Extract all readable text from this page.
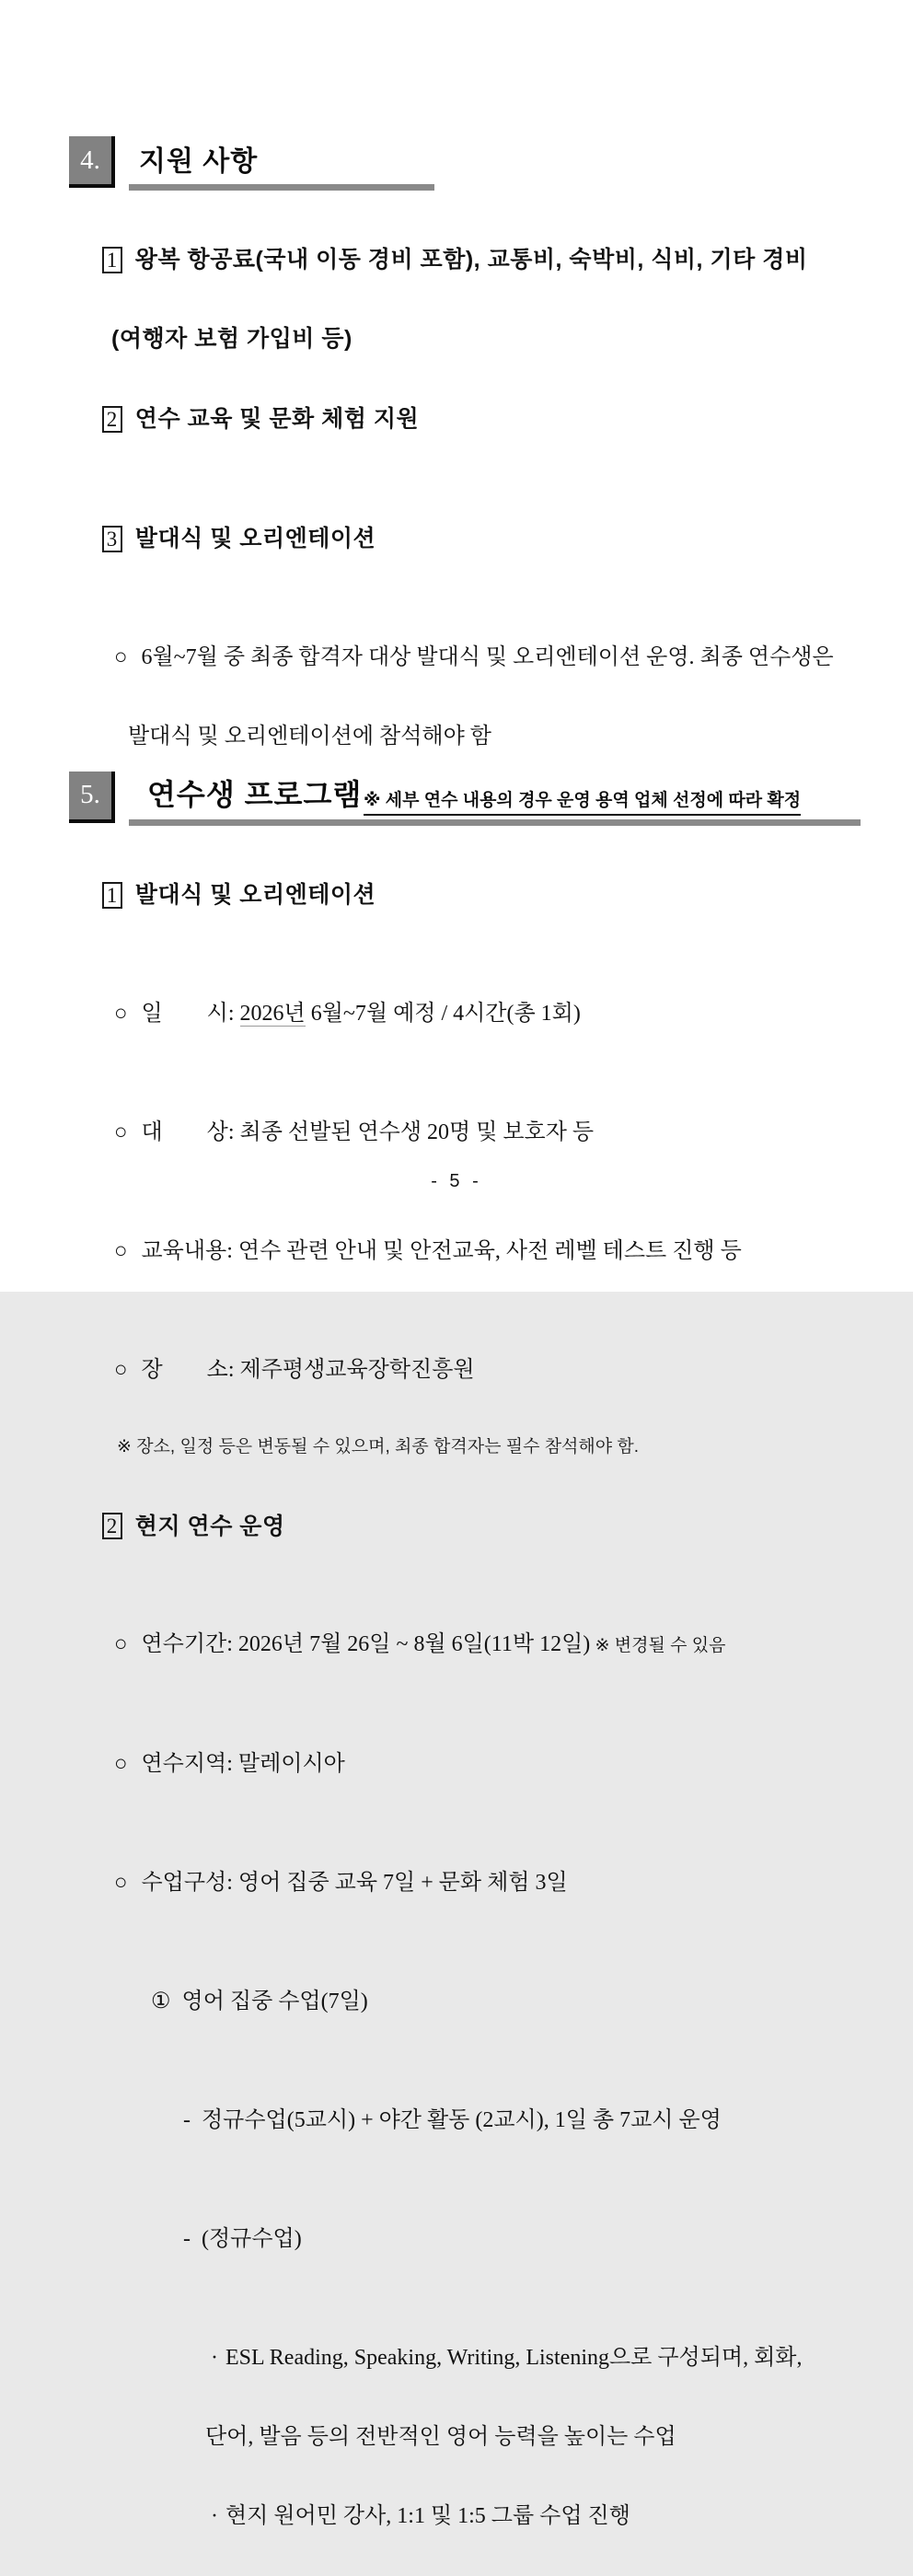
4.	지원 사항

1 왕복 항공료(국내 이동 경비 포함), 교통비, 숙박비, 식비, 기타 경비

(여행자 보험 가입비 등)

2 연수 교육 및 문화 체험 지원

3 발대식 및 오리엔테이션

○ 6월~7월 중 최종 합격자 대상 발대식 및 오리엔테이션 운영. 최종 연수생은

발대식 및 오리엔테이션에 참석해야 함
5.	연수생 프로그램 ※ 세부 연수 내용의 경우 운영 용역 업체 선정에 따라 확정

1 발대식 및 오리엔테이션

○ 일　　시: 2026년 6월~7월 예정 / 4시간(총 1회)

○ 대　　상: 최종 선발된 연수생 20명 및 보호자 등

○ 교육내용: 연수 관련 안내 및 안전교육, 사전 레벨 테스트 진행 등

○ 장　　소: 제주평생교육장학진흥원

※ 장소, 일정 등은 변동될 수 있으며, 최종 합격자는 필수 참석해야 함.

2 현지 연수 운영

○ 연수기간: 2026년 7월 26일 ~ 8월 6일(11박 12일) ※ 변경될 수 있음

○ 연수지역: 말레이시아

○ 수업구성: 영어 집중 교육 7일 + 문화 체험 3일

① 영어 집중 수업(7일)

- 정규수업(5교시) + 야간 활동 (2교시), 1일 총 7교시 운영

- (정규수업)

· ESL Reading, Speaking, Writing, Listening으로 구성되며, 회화,

단어, 발음 등의 전반적인 영어 능력을 높이는 수업

· 현지 원어민 강사, 1:1 및 1:5 그룹 수업 진행

- 5 -
